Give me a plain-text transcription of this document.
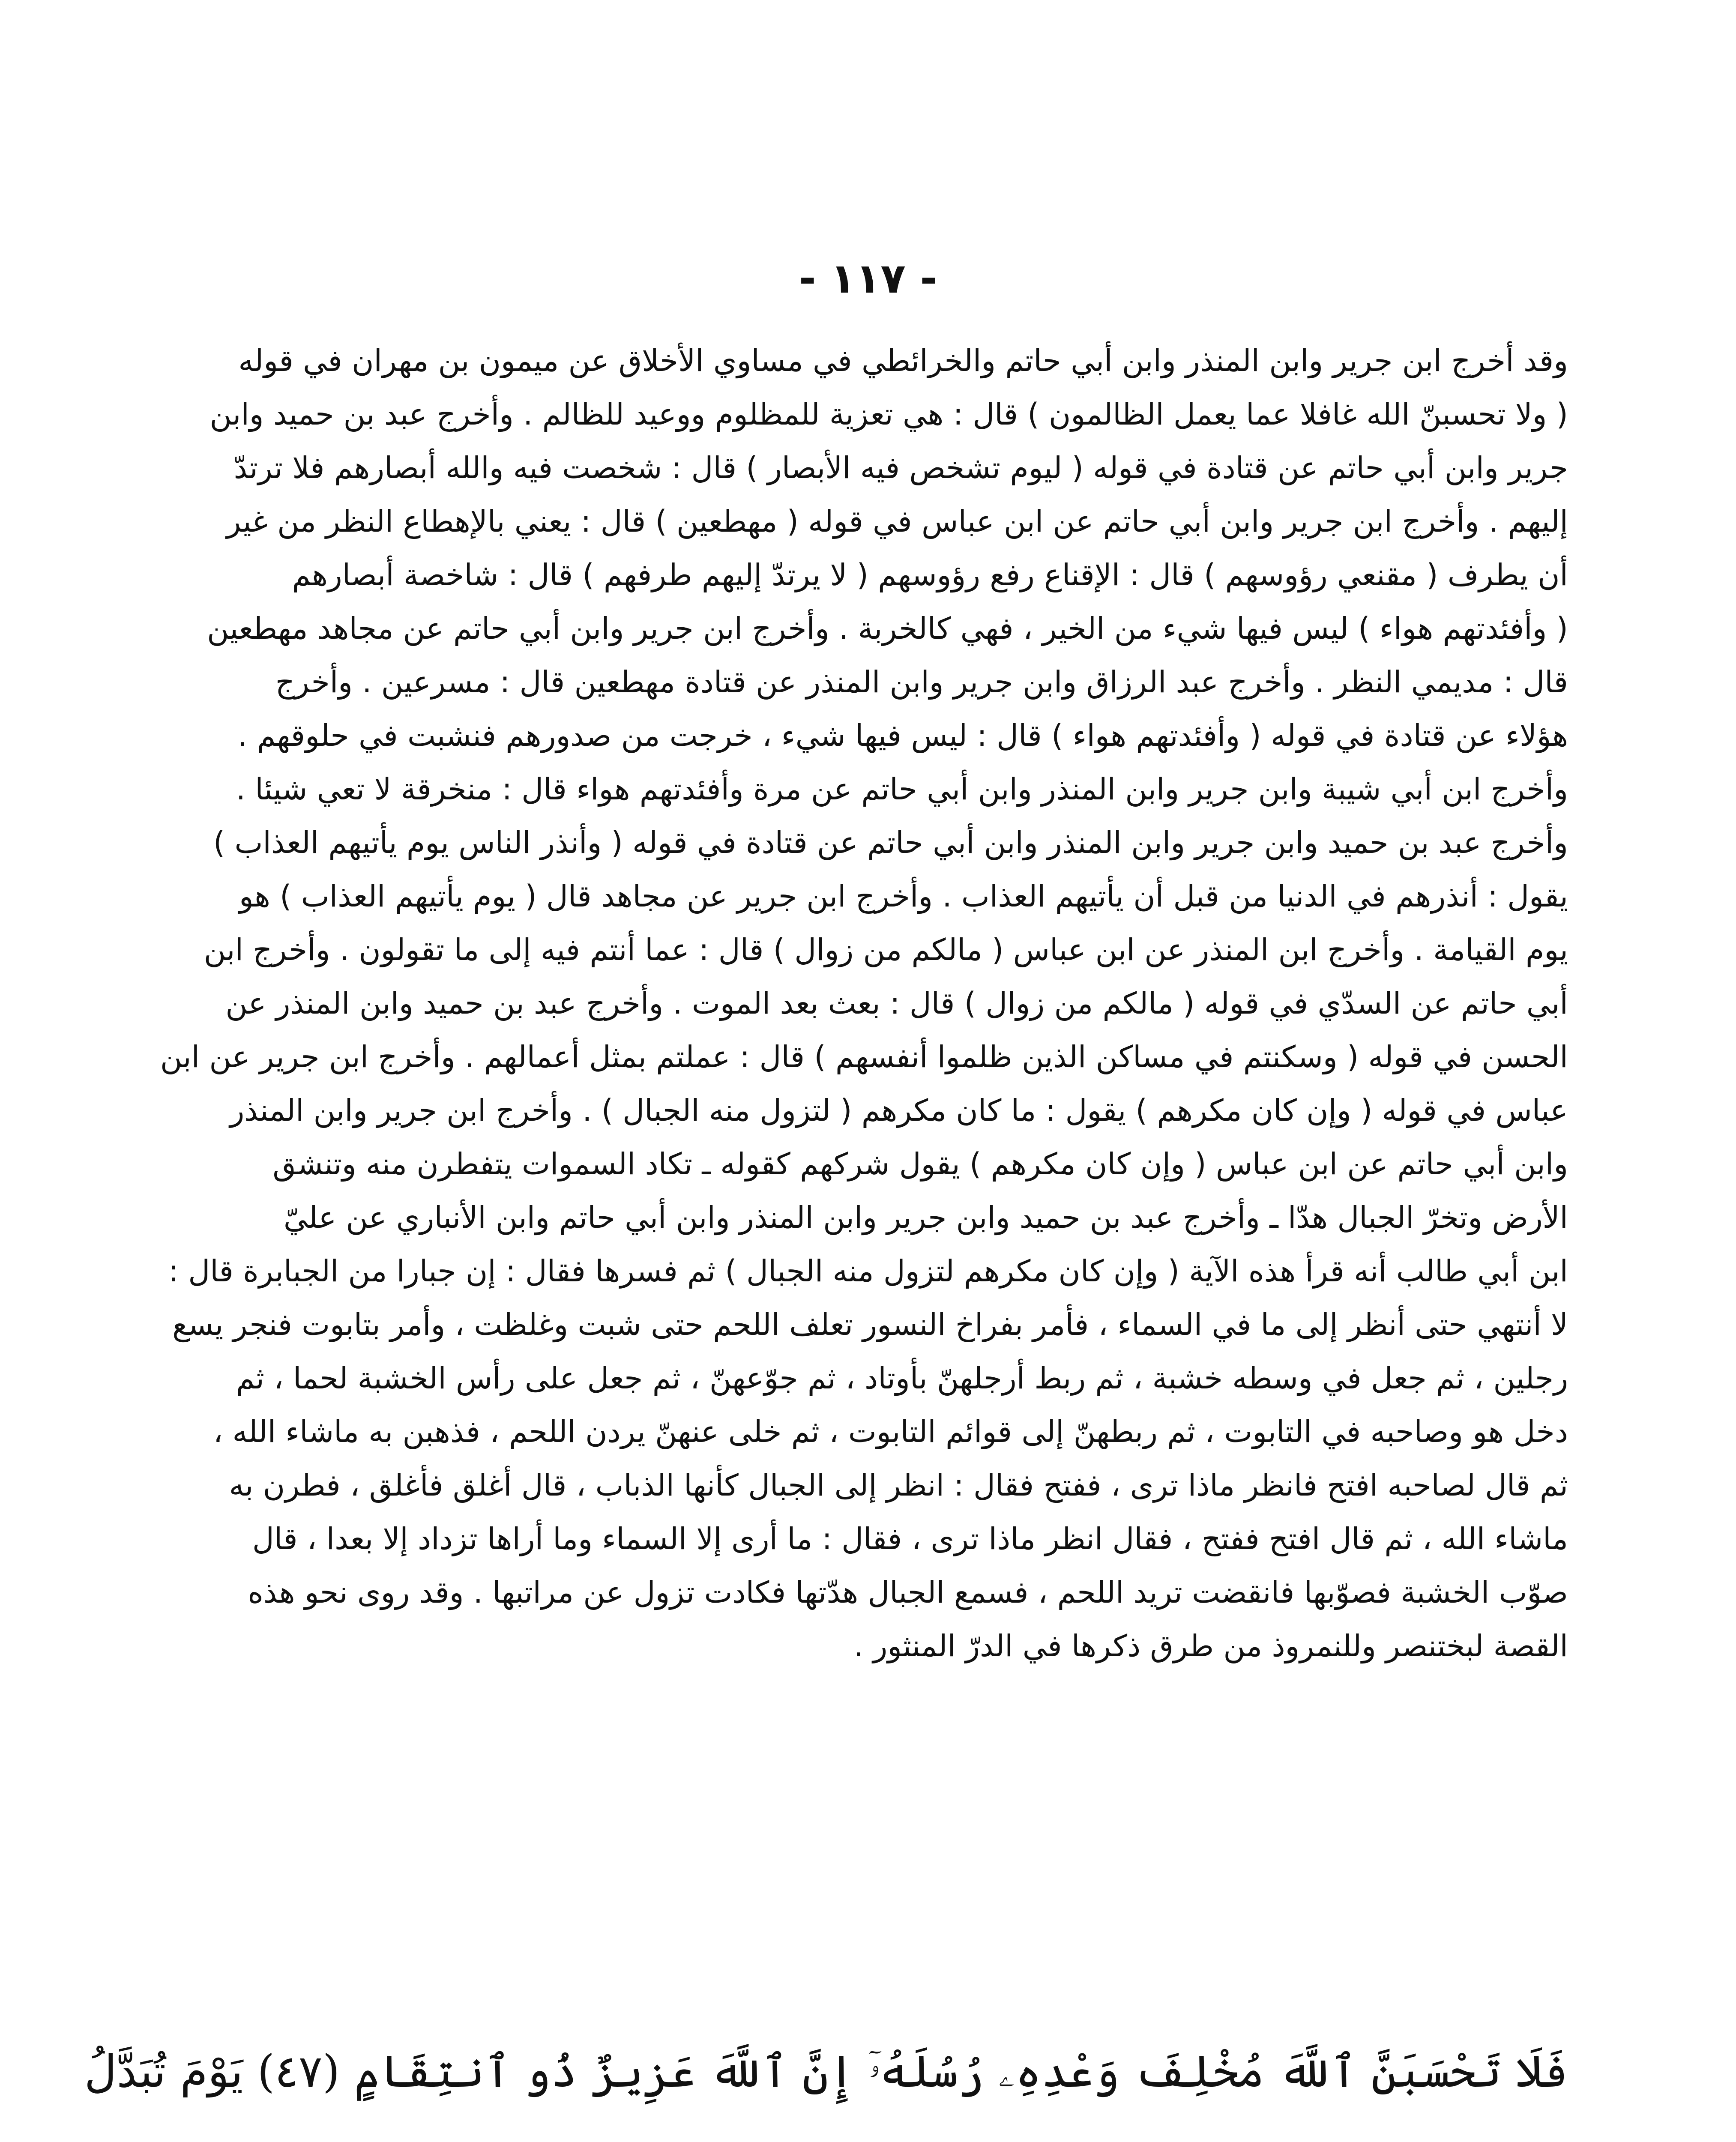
- ١١٧ -
وقد أخرج ابن جرير وابن المنذر وابن أبي حاتم والخرائطي في مساوي الأخلاق عن ميمون بن مهران في قوله
( ولا تحسبنّ الله غافلا عما يعمل الظالمون ) قال : هي تعزية للمظلوم ووعيد للظالم . وأخرج عبد بن حميد وابن
جرير وابن أبي حاتم عن قتادة في قوله ( ليوم تشخص فيه الأبصار ) قال : شخصت فيه والله أبصارهم فلا ترتدّ
إليهم . وأخرج ابن جرير وابن أبي حاتم عن ابن عباس في قوله ( مهطعين ) قال : يعني بالإهطاع النظر من غير
أن يطرف ( مقنعي رؤوسهم ) قال : الإقناع رفع رؤوسهم ( لا يرتدّ إليهم طرفهم ) قال : شاخصة أبصارهم
( وأفئدتهم هواء ) ليس فيها شيء من الخير ، فهي كالخربة . وأخرج ابن جرير وابن أبي حاتم عن مجاهد مهطعين
قال : مديمي النظر . وأخرج عبد الرزاق وابن جرير وابن المنذر عن قتادة مهطعين قال : مسرعين . وأخرج
هؤلاء عن قتادة في قوله ( وأفئدتهم هواء ) قال : ليس فيها شيء ، خرجت من صدورهم فنشبت في حلوقهم .
وأخرج ابن أبي شيبة وابن جرير وابن المنذر وابن أبي حاتم عن مرة وأفئدتهم هواء قال : منخرقة لا تعي شيئا .
وأخرج عبد بن حميد وابن جرير وابن المنذر وابن أبي حاتم عن قتادة في قوله ( وأنذر الناس يوم يأتيهم العذاب )
يقول : أنذرهم في الدنيا من قبل أن يأتيهم العذاب . وأخرج ابن جرير عن مجاهد قال ( يوم يأتيهم العذاب ) هو
يوم القيامة . وأخرج ابن المنذر عن ابن عباس ( مالكم من زوال ) قال : عما أنتم فيه إلى ما تقولون . وأخرج ابن
أبي حاتم عن السدّي في قوله ( مالكم من زوال ) قال : بعث بعد الموت . وأخرج عبد بن حميد وابن المنذر عن
الحسن في قوله ( وسكنتم في مساكن الذين ظلموا أنفسهم ) قال : عملتم بمثل أعمالهم . وأخرج ابن جرير عن ابن
عباس في قوله ( وإن كان مكرهم ) يقول : ما كان مكرهم ( لتزول منه الجبال ) . وأخرج ابن جرير وابن المنذر
وابن أبي حاتم عن ابن عباس ( وإن كان مكرهم ) يقول شركهم كقوله ـ تكاد السموات يتفطرن منه وتنشق
الأرض وتخرّ الجبال هدّا ـ وأخرج عبد بن حميد وابن جرير وابن المنذر وابن أبي حاتم وابن الأنباري عن عليّ
ابن أبي طالب أنه قرأ هذه الآية ( وإن كان مكرهم لتزول منه الجبال ) ثم فسرها فقال : إن جبارا من الجبابرة قال :
لا أنتهي حتى أنظر إلى ما في السماء ، فأمر بفراخ النسور تعلف اللحم حتى شبت وغلظت ، وأمر بتابوت فنجر يسع
رجلين ، ثم جعل في وسطه خشبة ، ثم ربط أرجلهنّ بأوتاد ، ثم جوّعهنّ ، ثم جعل على رأس الخشبة لحما ، ثم
دخل هو وصاحبه في التابوت ، ثم ربطهنّ إلى قوائم التابوت ، ثم خلى عنهنّ يردن اللحم ، فذهبن به ماشاء الله ،
ثم قال لصاحبه افتح فانظر ماذا ترى ، ففتح فقال : انظر إلى الجبال كأنها الذباب ، قال أغلق فأغلق ، فطرن به
ماشاء الله ، ثم قال افتح ففتح ، فقال انظر ماذا ترى ، فقال : ما أرى إلا السماء وما أراها تزداد إلا بعدا ، قال
صوّب الخشبة فصوّبها فانقضت تريد اللحم ، فسمع الجبال هدّتها فكادت تزول عن مراتبها . وقد روى نحو هذه
القصة لبختنصر وللنمروذ من طرق ذكرها في الدرّ المنثور .
فَلَا تَحْسَبَنَّ ٱللَّهَ مُخْلِفَ وَعْدِهِۦ رُسُلَهُۥٓ إِنَّ ٱللَّهَ عَزِيزٌ ذُو ٱنتِقَامٍ (٤٧) يَوْمَ تُبَدَّلُ
